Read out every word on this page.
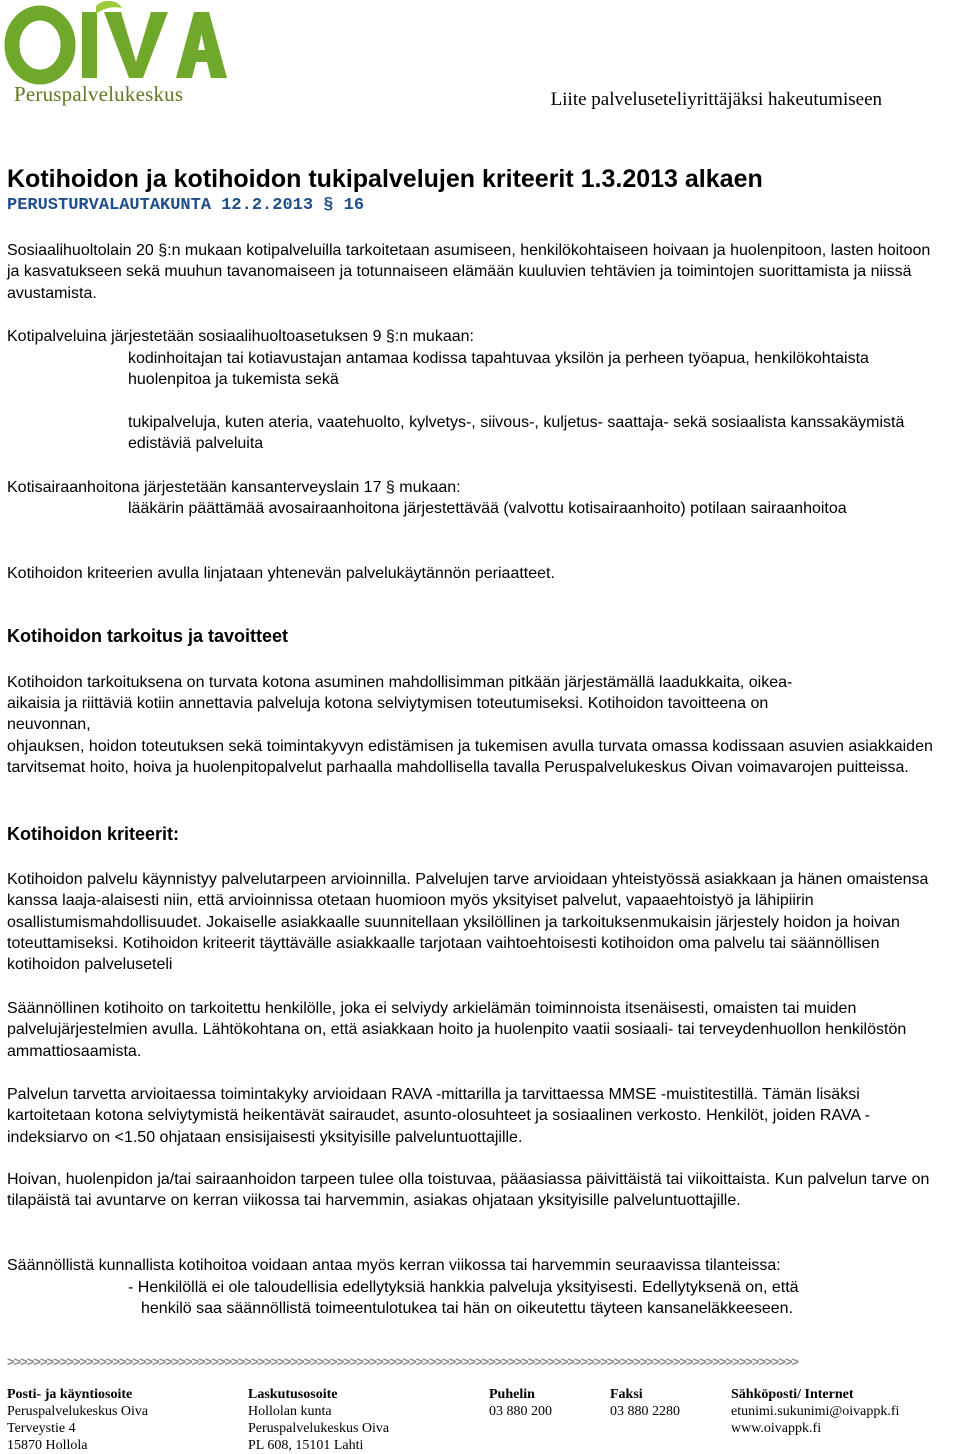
Peruspalvelukeskus	Liite palveluseteliyrittäjäksi hakeutumiseen
Kotihoidon ja kotihoidon tukipalvelujen kriteerit 1.3.2013 alkaen
PERUSTURVALAUTAKUNTA 12.2.2013 § 16
Sosiaalihuoltolain 20 §:n mukaan kotipalveluilla tarkoitetaan asumiseen, henkilökohtaiseen hoivaan ja huolenpitoon, lasten hoitoon ja kasvatukseen sekä muuhun tavanomaiseen ja totunnaiseen elämään kuuluvien tehtävien ja toimintojen suorittamista ja niissä avustamista.
Kotipalveluina järjestetään sosiaalihuoltoasetuksen 9 §:n mukaan:
kodinhoitajan tai kotiavustajan antamaa kodissa tapahtuvaa yksilön ja perheen työapua, henkilökohtaista huolenpitoa ja tukemista sekä
tukipalveluja, kuten ateria, vaatehuolto, kylvetys-, siivous-, kuljetus- saattaja- sekä sosiaalista kanssakäymistä edistäviä palveluita
Kotisairaanhoitona järjestetään kansanterveyslain 17 § mukaan:
lääkärin päättämää avosairaanhoitona järjestettävää (valvottu kotisairaanhoito) potilaan sairaanhoitoa
Kotihoidon kriteerien avulla linjataan yhtenevän palvelukäytännön periaatteet.
Kotihoidon tarkoitus ja tavoitteet
Kotihoidon tarkoituksena on turvata kotona asuminen mahdollisimman pitkään järjestämällä laadukkaita, oikea-
aikaisia ja riittäviä kotiin annettavia palveluja kotona selviytymisen toteutumiseksi. Kotihoidon tavoitteena on
neuvonnan,
ohjauksen, hoidon toteutuksen sekä toimintakyvyn edistämisen ja tukemisen avulla turvata omassa kodissaan asuvien asiakkaiden tarvitsemat hoito, hoiva ja huolenpitopalvelut parhaalla mahdollisella tavalla Peruspalvelukeskus Oivan voimavarojen puitteissa.
Kotihoidon kriteerit:
Kotihoidon palvelu käynnistyy palvelutarpeen arvioinnilla. Palvelujen tarve arvioidaan yhteistyössä asiakkaan ja hänen omaistensa kanssa laaja-alaisesti niin, että arvioinnissa otetaan huomioon myös yksityiset palvelut, vapaaehtoistyö ja lähipiirin osallistumismahdollisuudet. Jokaiselle asiakkaalle suunnitellaan yksilöllinen ja tarkoituksenmukaisin järjestely hoidon ja hoivan toteuttamiseksi. Kotihoidon kriteerit täyttävälle asiakkaalle tarjotaan vaihtoehtoisesti kotihoidon oma palvelu tai säännöllisen kotihoidon palveluseteli
Säännöllinen kotihoito on tarkoitettu henkilölle, joka ei selviydy arkielämän toiminnoista itsenäisesti, omaisten tai muiden palvelujärjestelmien avulla. Lähtökohtana on, että asiakkaan hoito ja huolenpito vaatii sosiaali- tai terveydenhuollon henkilöstön ammattiosaamista.
Palvelun tarvetta arvioitaessa toimintakyky arvioidaan RAVA -mittarilla ja tarvittaessa MMSE -muistitestillä. Tämän lisäksi kartoitetaan kotona selviytymistä heikentävät sairaudet, asunto-olosuhteet ja sosiaalinen verkosto. Henkilöt, joiden RAVA -indeksiarvo on <1.50 ohjataan ensisijaisesti yksityisille palveluntuottajille.
Hoivan, huolenpidon ja/tai sairaanhoidon tarpeen tulee olla toistuvaa, pääasiassa päivittäistä tai viikoittaista. Kun palvelun tarve on tilapäistä tai avuntarve on kerran viikossa tai harvemmin, asiakas ohjataan yksityisille palveluntuottajille.
Säännöllistä kunnallista kotihoitoa voidaan antaa myös kerran viikossa tai harvemmin seuraavissa tilanteissa:
- Henkilöllä ei ole taloudellisia edellytyksiä hankkia palveluja yksityisesti. Edellytyksenä on, että
henkilö saa säännöllistä toimeentulotukea tai hän on oikeutettu täyteen kansaneläkkeeseen.
>>>>>>>>>>>>>>>>>>>>>>>>>>>>>>>>>>>>>>>>>>>>>>>>>>>>>>>>>>>>>>>>>>>>>>>>>>>>>>>>>>>>>>>>>>>>>>>>>>>>>>>>>>>>>>>>>>>>>>>>
Posti- ja käyntiosoite
Peruspalvelukeskus Oiva
Terveystie 4
15870 Hollola
Laskutusosoite
Hollolan kunta
Peruspalvelukeskus Oiva
PL 608, 15101 Lahti
Puhelin
03 880 200
Faksi
03 880 2280
Sähköposti/ Internet
etunimi.sukunimi@oivappk.fi
www.oivappk.fi
